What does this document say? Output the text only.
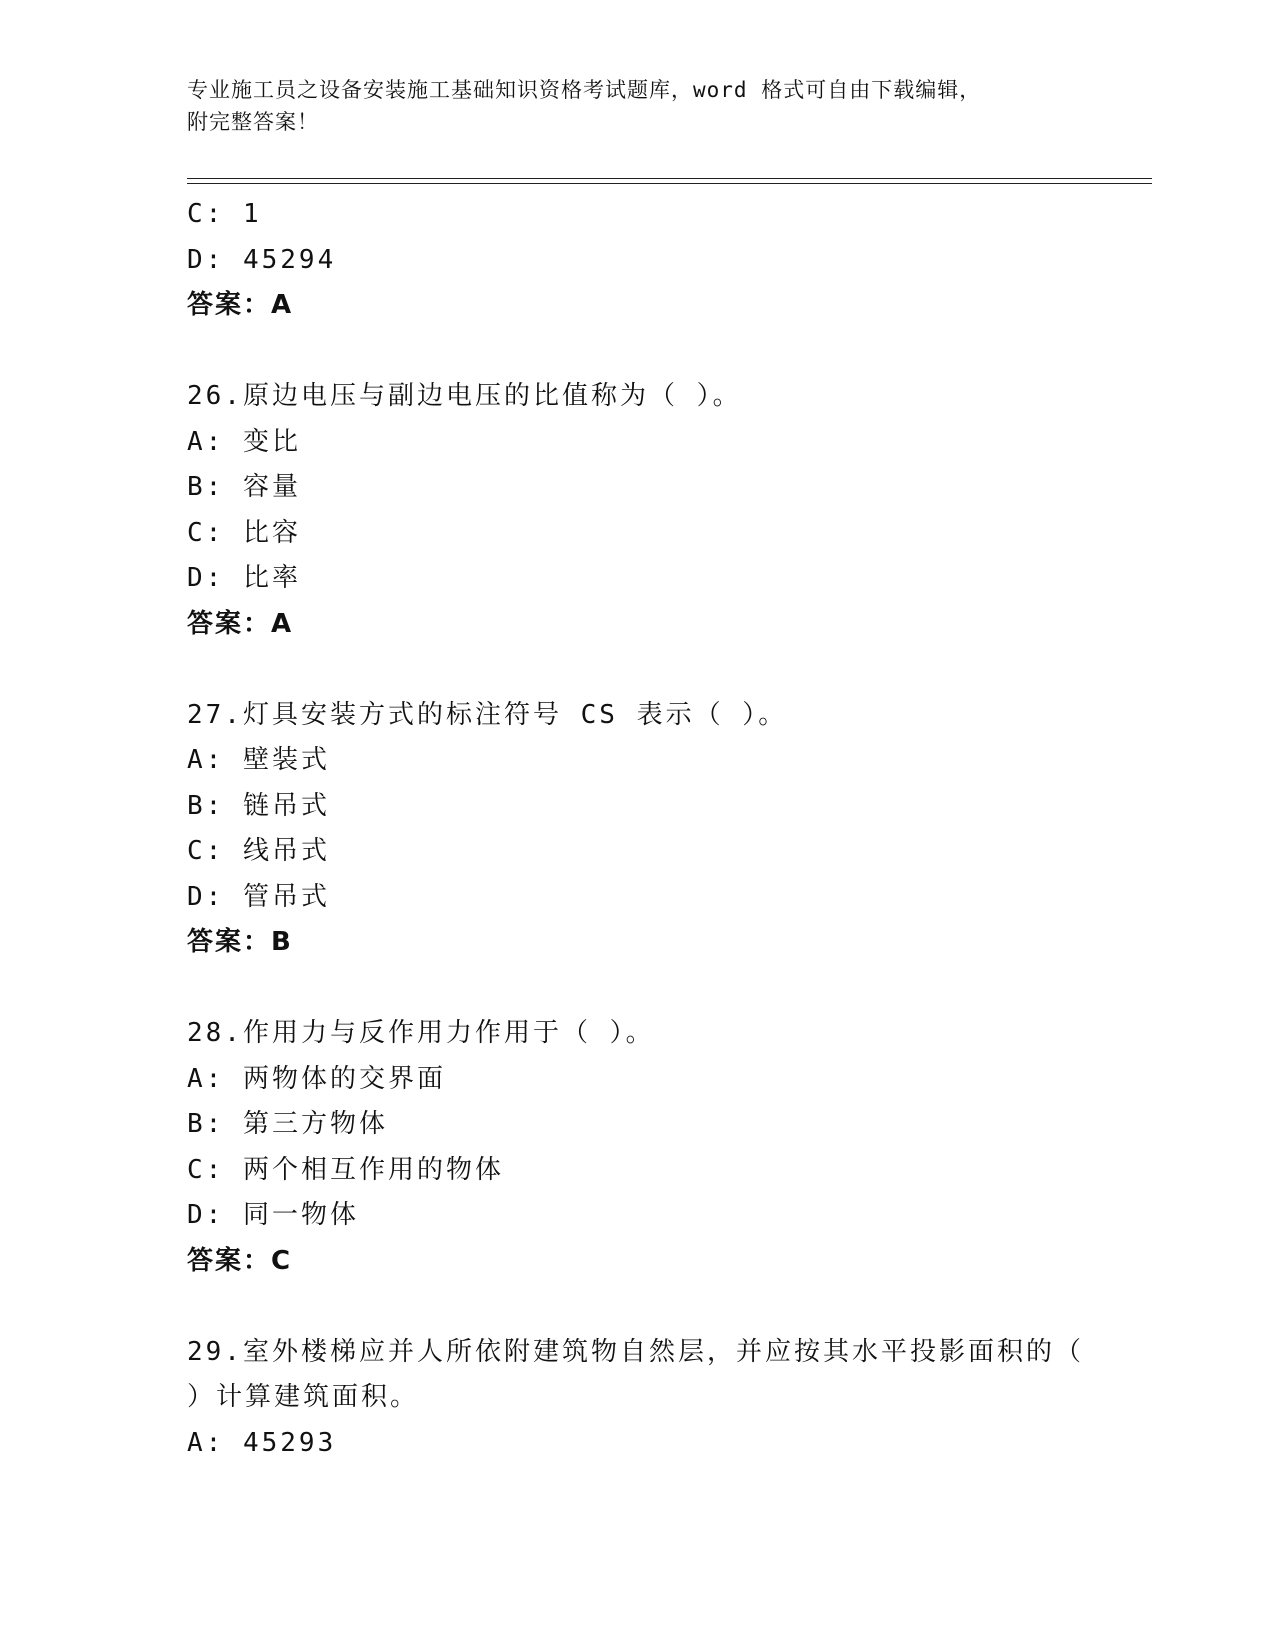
专业施工员之设备安装施工基础知识资格考试题库，word 格式可自由下载编辑，
附完整答案！
C: 1
D: 45294
答案：A
26.原边电压与副边电压的比值称为（ ）。
A: 变比
B: 容量
C: 比容
D: 比率
答案：A
27.灯具安装方式的标注符号 CS 表示（ ）。
A: 壁装式
B: 链吊式
C: 线吊式
D: 管吊式
答案：B
28.作用力与反作用力作用于（ ）。
A: 两物体的交界面
B: 第三方物体
C: 两个相互作用的物体
D: 同一物体
答案：C
29.室外楼梯应并人所依附建筑物自然层，并应按其水平投影面积的（
）计算建筑面积。
A: 45293
